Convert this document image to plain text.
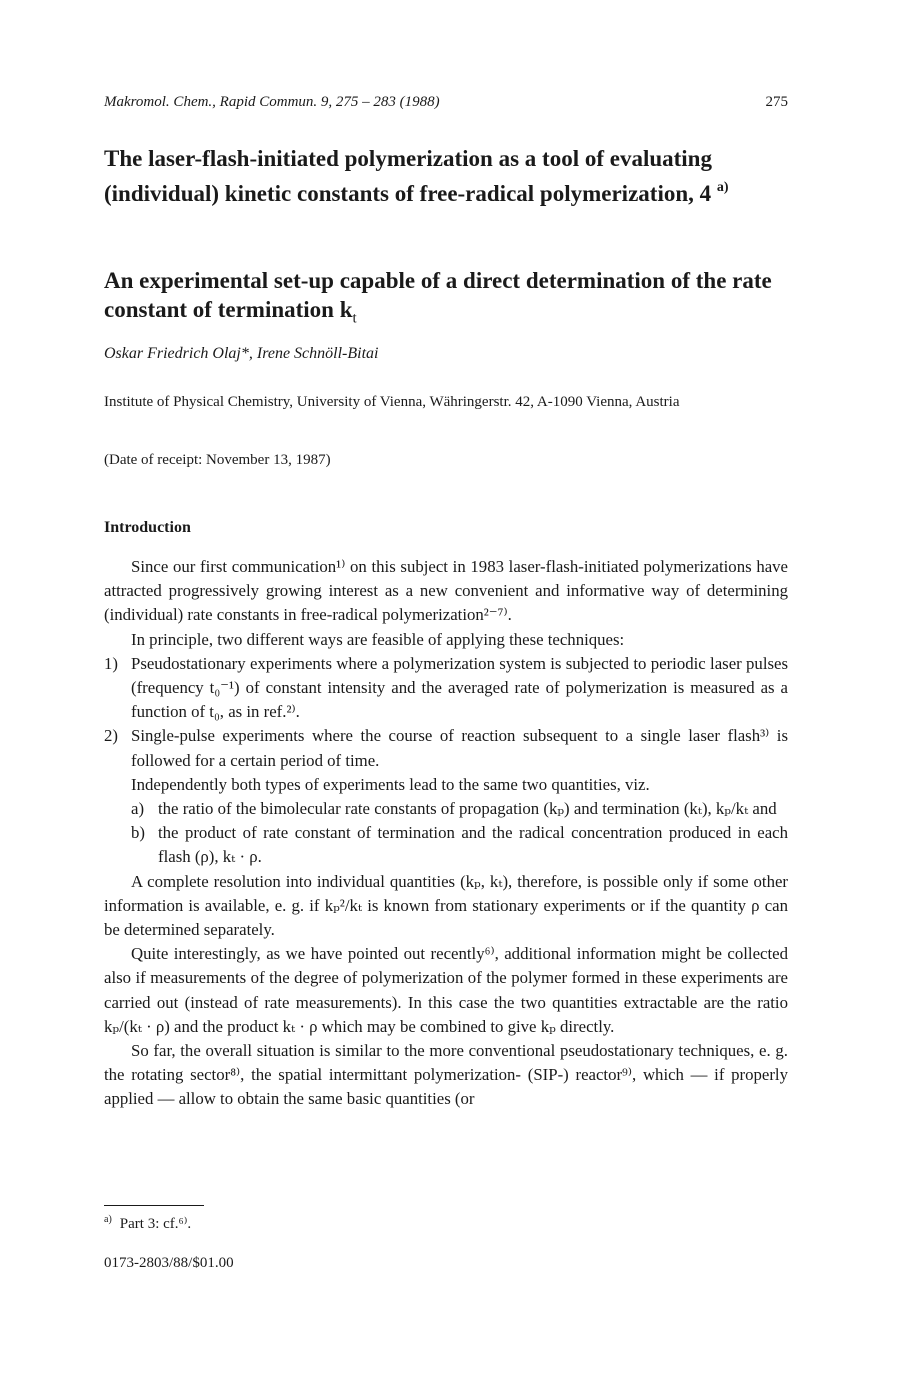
Makromol. Chem., Rapid Commun. 9, 275 – 283 (1988)	275
The laser-flash-initiated polymerization as a tool of evaluating (individual) kinetic constants of free-radical polymerization, 4 $^{a)}$
An experimental set-up capable of a direct determination of the rate constant of termination $k_t$
Oskar Friedrich Olaj*, Irene Schnöll-Bitai
Institute of Physical Chemistry, University of Vienna, Währingerstr. 42, A-1090 Vienna, Austria
(Date of receipt: November 13, 1987)
Introduction

Since our first communication¹⁾ on this subject in 1983 laser-flash-initiated polymerizations have attracted progressively growing interest as a new convenient and informative way of determining (individual) rate constants in free-radical polymerization²⁻⁷⁾.

In principle, two different ways are feasible of applying these techniques:

1) Pseudostationary experiments where a polymerization system is subjected to periodic laser pulses (frequency t₀⁻¹) of constant intensity and the averaged rate of polymerization is measured as a function of t₀, as in ref.²⁾.
2) Single-pulse experiments where the course of reaction subsequent to a single laser flash³⁾ is followed for a certain period of time.
Independently both types of experiments lead to the same two quantities, viz.
a) the ratio of the bimolecular rate constants of propagation (kₚ) and termination (kₜ), kₚ/kₜ and
b) the product of rate constant of termination and the radical concentration produced in each flash (ρ), kₜ · ρ.

A complete resolution into individual quantities (kₚ, kₜ), therefore, is possible only if some other information is available, e. g. if kₚ²/kₜ is known from stationary experiments or if the quantity ρ can be determined separately.

Quite interestingly, as we have pointed out recently⁶⁾, additional information might be collected also if measurements of the degree of polymerization of the polymer formed in these experiments are carried out (instead of rate measurements). In this case the two quantities extractable are the ratio kₚ/(kₜ · ρ) and the product kₜ · ρ which may be combined to give kₚ directly.

So far, the overall situation is similar to the more conventional pseudostationary techniques, e. g. the rotating sector⁸⁾, the spatial intermittant polymerization- (SIP-) reactor⁹⁾, which — if properly applied — allow to obtain the same basic quantities (or

$^{a)}$ Part 3: cf.⁶⁾.
0173-2803/88/$01.00
